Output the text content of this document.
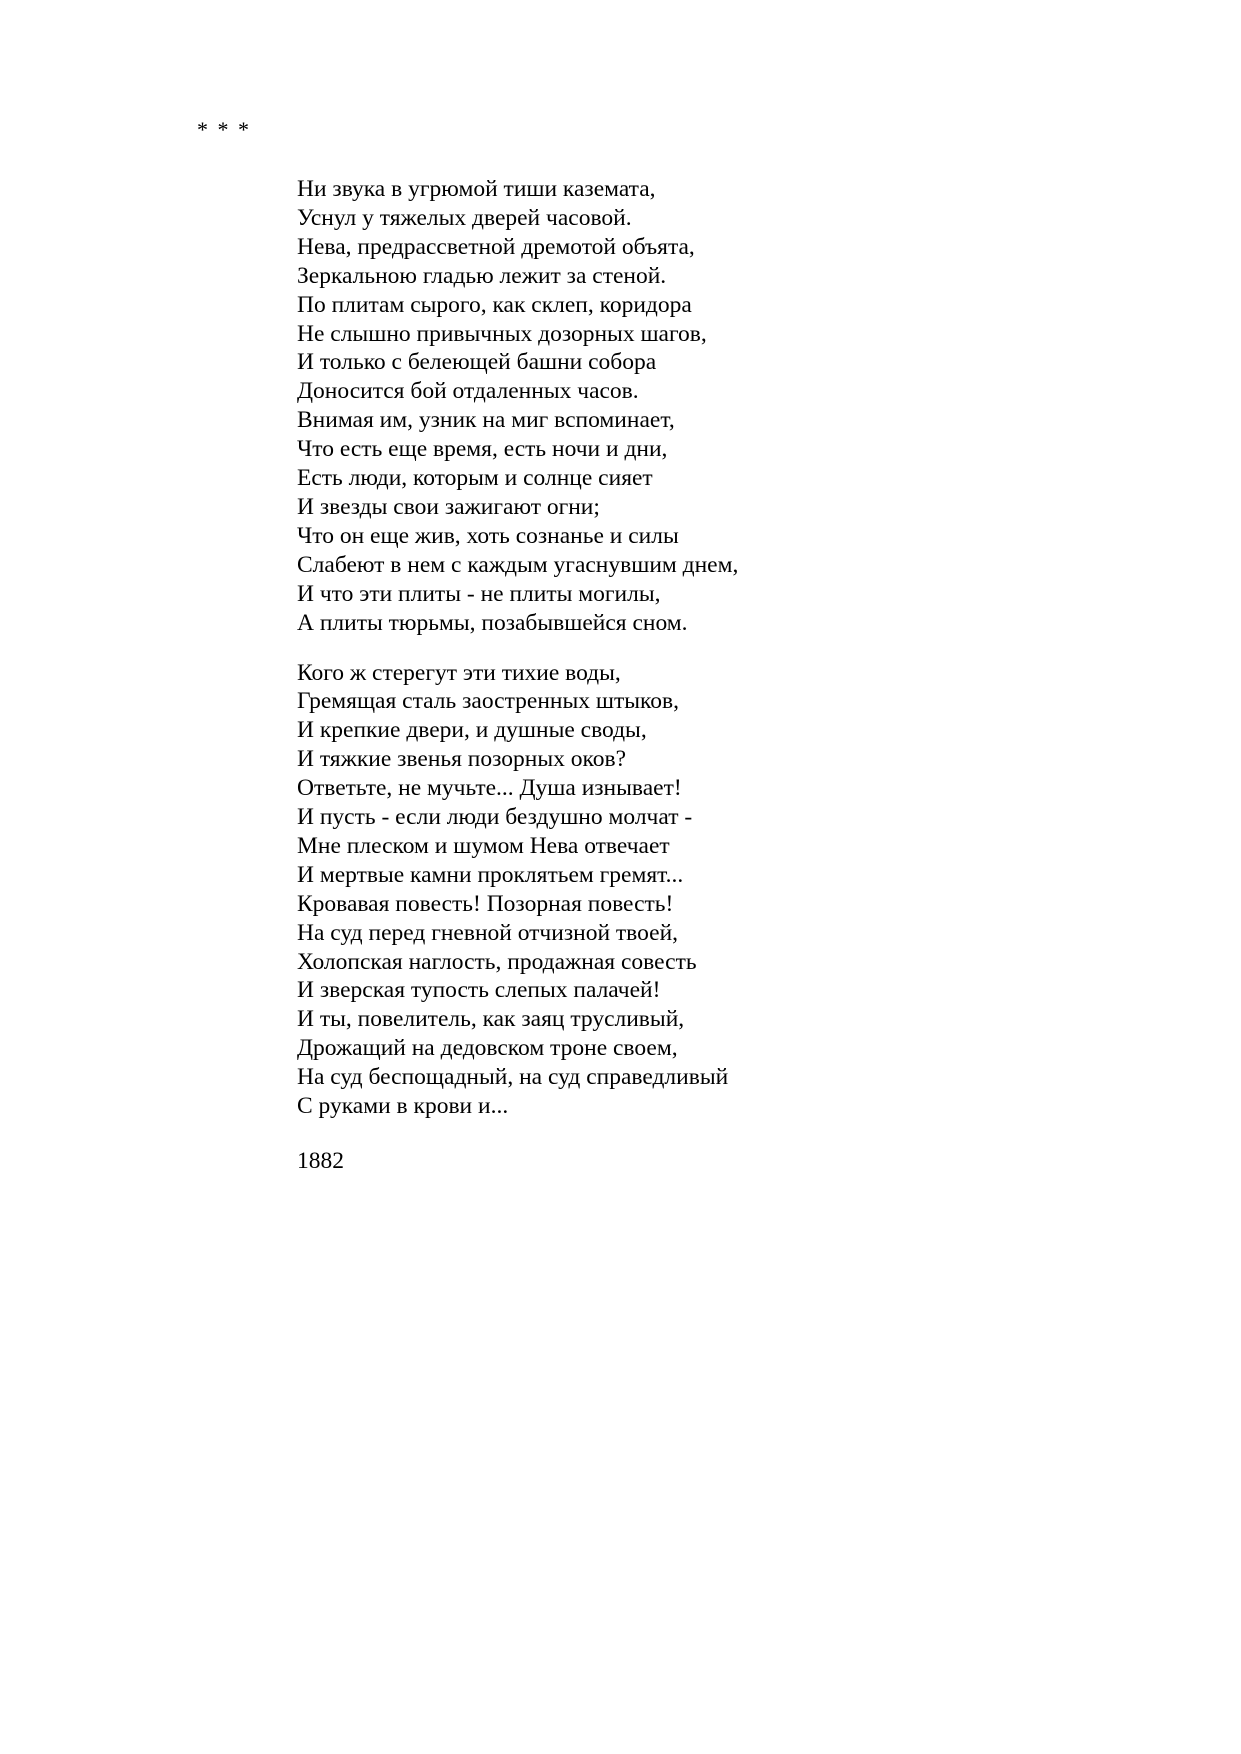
* * *
Ни звука в угрюмой тиши каземата,
Уснул у тяжелых дверей часовой.
Нева, предрассветной дремотой объята,
Зеркальною гладью лежит за стеной.
По плитам сырого, как склеп, коридора
Не слышно привычных дозорных шагов,
И только с белеющей башни собора
Доносится бой отдаленных часов.
Внимая им, узник на миг вспоминает,
Что есть еще время, есть ночи и дни,
Есть люди, которым и солнце сияет
И звезды свои зажигают огни;
Что он еще жив, хоть сознанье и силы
Слабеют в нем с каждым угаснувшим днем,
И что эти плиты - не плиты могилы,
А плиты тюрьмы, позабывшейся сном.
Кого ж стерегут эти тихие воды,
Гремящая сталь заостренных штыков,
И крепкие двери, и душные своды,
И тяжкие звенья позорных оков?
Ответьте, не мучьте... Душа изнывает!
И пусть - если люди бездушно молчат -
Мне плеском и шумом Нева отвечает
И мертвые камни проклятьем гремят...
Кровавая повесть! Позорная повесть!
На суд перед гневной отчизной твоей,
Холопская наглость, продажная совесть
И зверская тупость слепых палачей!
И ты, повелитель, как заяц трусливый,
Дрожащий на дедовском троне своем,
На суд беспощадный, на суд справедливый
С руками в крови и...
1882
